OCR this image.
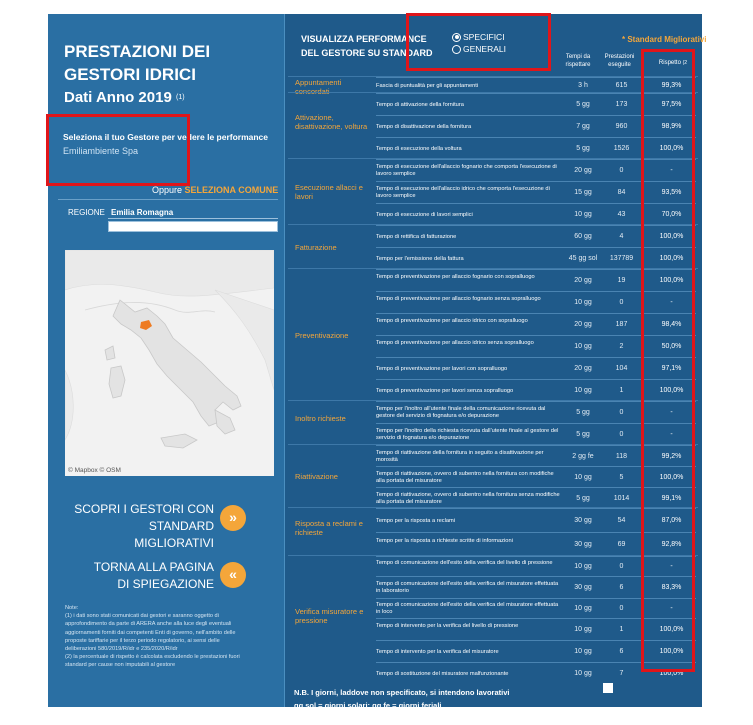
PRESTAZIONI DEI
GESTORI IDRICI
Dati Anno 2019 $^{(1)}$
Seleziona il tuo Gestore per vedere le performance
Emiliambiente Spa
Oppure SELEZIONA COMUNE
REGIONE Emilia Romagna
© Mapbox © OSM
SCOPRI I GESTORI CON
STANDARD MIGLIORATIVI
»
TORNA ALLA PAGINA
DI SPIEGAZIONE
«
Note:
(1) i dati sono stati comunicati dai gestori e saranno oggetto di
approfondimento da parte di ARERA anche alla luce degli eventuali
aggiornamenti forniti dai competenti Enti di governo, nell'ambito delle
proposte tariffarie per il terzo periodo regolatorio, ai sensi delle
deliberazioni 580/2019/R/idr e 235/2020/R/idr
(2) la percentuale di rispetto è calcolata escludendo le prestazioni fuori
standard per cause non imputabili al gestore
VISUALIZZA PERFORMANCE
DEL GESTORE SU STANDARD
SPECIFICI
GENERALI
* Standard Migliorativi
Tempi da rispettare
Prestazioni eseguite	Rispetto $^{(2}$
Appuntamenti concordati
Fascia di puntualità per gli appuntamenti	3 h	615	99,3%
Attivazione, disattivazione, voltura
Tempo di attivazione della fornitura	5 gg	173	97,5%
Tempo di disattivazione della fornitura	7 gg	960	98,9%
Tempo di esecuzione della voltura	5 gg	1526	100,0%
Esecuzione allacci e lavori
Tempo di esecuzione dell'allaccio fognario che comporta l'esecuzione di lavoro semplice	20 gg	0	-
Tempo di esecuzione dell'allaccio idrico che comporta l'esecuzione di lavoro semplice	15 gg	84	93,5%
Tempo di esecuzione di lavori semplici	10 gg	43	70,0%
Fatturazione
Tempo di rettifica di fatturazione	60 gg	4	100,0%
Tempo per l'emissione della fattura	45 gg sol	137789	100,0%
Preventivazione
Tempo di preventivazione per allaccio fognario con sopralluogo	20 gg	19	100,0%
Tempo di preventivazione per allaccio fognario senza sopralluogo	10 gg	0	-
Tempo di preventivazione per allaccio idrico con sopralluogo	20 gg	187	98,4%
Tempo di preventivazione per allaccio idrico senza sopralluogo	10 gg	2	50,0%
Tempo di preventivazione per lavori con sopralluogo	20 gg	104	97,1%
Tempo di preventivazione per lavori senza sopralluogo	10 gg	1	100,0%
Inoltro richieste
Tempo per l'inoltro all'utente finale della comunicazione ricevuta dal gestore del servizio di fognatura e/o depurazione	5 gg	0	-
Tempo per l'inoltro della richiesta ricevuta dall'utente finale al gestore del servizio di fognatura e/o depurazione	5 gg	0	-
Riattivazione
Tempo di riattivazione della fornitura in seguito a disattivazione per morosità	2 gg fe	118	99,2%
Tempo di riattivazione, ovvero di subentro nella fornitura con modifiche alla portata del misuratore	10 gg	5	100,0%
Tempo di riattivazione, ovvero di subentro nella fornitura senza modifiche alla portata del misuratore	5 gg	1014	99,1%
Risposta a reclami e richieste
Tempo per la risposta a reclami	30 gg	54	87,0%
Tempo per la risposta a richieste scritte di informazioni	30 gg	69	92,8%
Verifica misuratore e pressione
Tempo di comunicazione dell'esito della verifica del livello di pressione	10 gg	0	-
Tempo di comunicazione dell'esito della verifica del misuratore effettuata in laboratorio	30 gg	6	83,3%
Tempo di comunicazione dell'esito della verifica del misuratore effettuata in loco	10 gg	0	-
Tempo di intervento per la verifica del livello di pressione	10 gg	1	100,0%
Tempo di intervento per la verifica del misuratore	10 gg	6	100,0%
Tempo di sostituzione del misuratore malfunzionante	10 gg	7	100,0%
N.B. I giorni, laddove non specificato, si intendono lavorativi
gg sol = giorni solari; gg fe = giorni feriali
